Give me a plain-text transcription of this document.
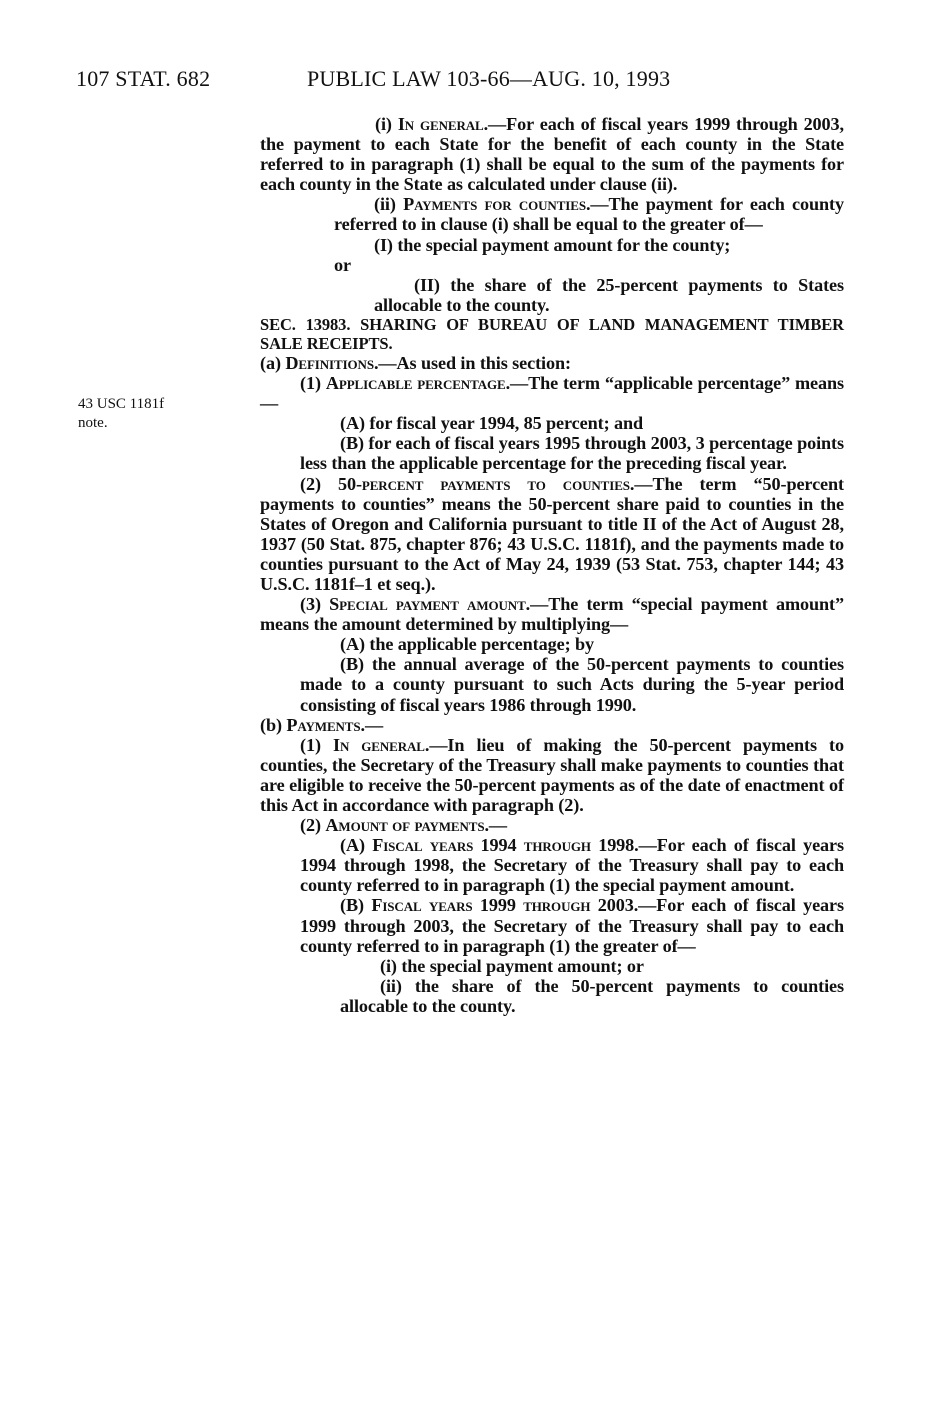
107 STAT. 682	PUBLIC LAW 103-66—AUG. 10, 1993
43 USC 1181f
note.

(i) In general.—For each of fiscal years 1999 through 2003, the payment to each State for the benefit of each county in the State referred to in paragraph (1) shall be equal to the sum of the payments for each county in the State as calculated under clause (ii).

(ii) Payments for counties.—The payment for each county referred to in clause (i) shall be equal to the greater of—

(I) the special payment amount for the county;

or

(II) the share of the 25-percent payments to States allocable to the county.

SEC. 13983. SHARING OF BUREAU OF LAND MANAGEMENT TIMBER SALE RECEIPTS.

(a) Definitions.—As used in this section:

(1) Applicable percentage.—The term “applicable percentage” means—

(A) for fiscal year 1994, 85 percent; and

(B) for each of fiscal years 1995 through 2003, 3 percentage points less than the applicable percentage for the preceding fiscal year.

(2) 50-percent payments to counties.—The term “50-percent payments to counties” means the 50-percent share paid to counties in the States of Oregon and California pursuant to title II of the Act of August 28, 1937 (50 Stat. 875, chapter 876; 43 U.S.C. 1181f), and the payments made to counties pursuant to the Act of May 24, 1939 (53 Stat. 753, chapter 144; 43 U.S.C. 1181f–1 et seq.).

(3) Special payment amount.—The term “special payment amount” means the amount determined by multiplying—

(A) the applicable percentage; by

(B) the annual average of the 50-percent payments to counties made to a county pursuant to such Acts during the 5-year period consisting of fiscal years 1986 through 1990.

(b) Payments.—

(1) In general.—In lieu of making the 50-percent payments to counties, the Secretary of the Treasury shall make payments to counties that are eligible to receive the 50-percent payments as of the date of enactment of this Act in accordance with paragraph (2).

(2) Amount of payments.—

(A) Fiscal years 1994 through 1998.—For each of fiscal years 1994 through 1998, the Secretary of the Treasury shall pay to each county referred to in paragraph (1) the special payment amount.

(B) Fiscal years 1999 through 2003.—For each of fiscal years 1999 through 2003, the Secretary of the Treasury shall pay to each county referred to in paragraph (1) the greater of—

(i) the special payment amount; or

(ii) the share of the 50-percent payments to counties allocable to the county.
